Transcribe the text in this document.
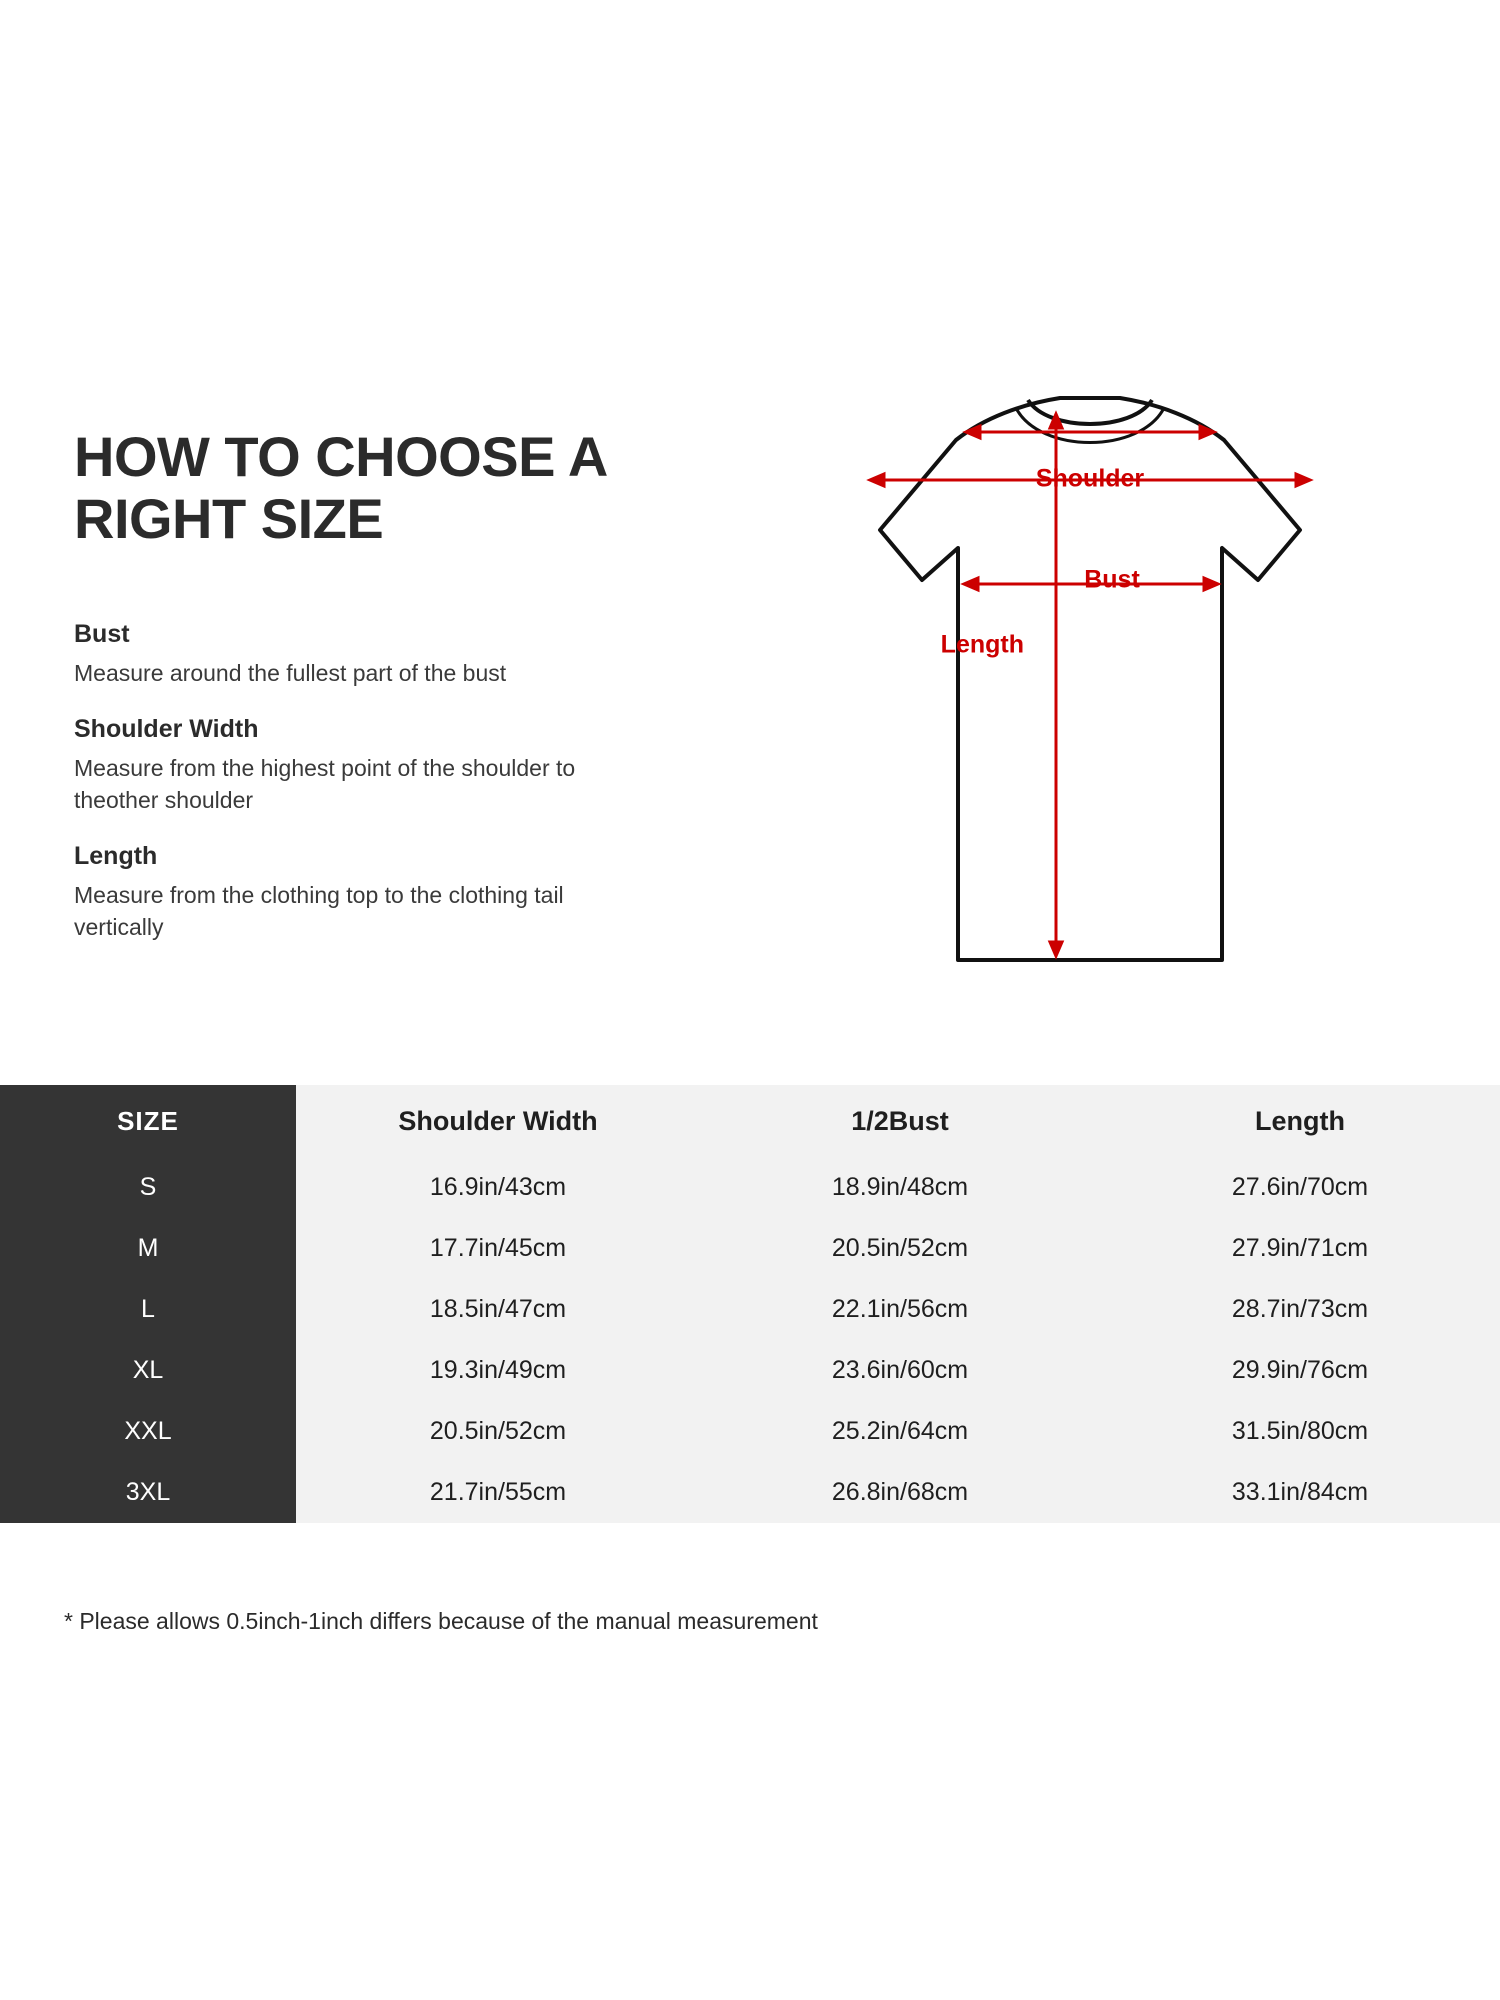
HOW TO CHOOSE A RIGHT SIZE
Bust
Measure around the fullest part of the bust
Shoulder Width
Measure from the highest point of the shoulder to theother shoulder
Length
Measure from the clothing top to the clothing tail vertically
Shoulder
Bust
Length
SIZE	Shoulder Width	1/2Bust	Length
S	16.9in/43cm	18.9in/48cm	27.6in/70cm
M	17.7in/45cm	20.5in/52cm	27.9in/71cm
L	18.5in/47cm	22.1in/56cm	28.7in/73cm
XL	19.3in/49cm	23.6in/60cm	29.9in/76cm
XXL	20.5in/52cm	25.2in/64cm	31.5in/80cm
3XL	21.7in/55cm	26.8in/68cm	33.1in/84cm
* Please allows 0.5inch-1inch differs because of the manual measurement
